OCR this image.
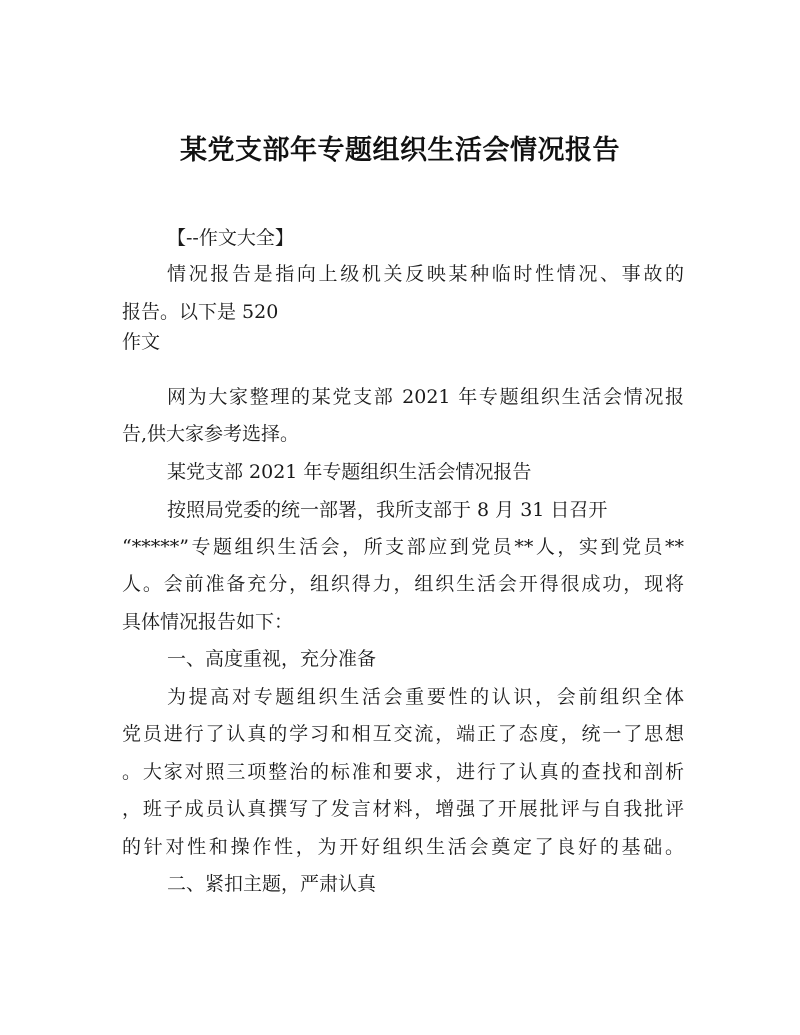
某党支部年专题组织生活会情况报告
【--作文大全】
情况报告是指向上级机关反映某种临时性情况、事故的
报告。以下是 520
作文
网为大家整理的某党支部 2021 年专题组织生活会情况报
告,供大家参考选择。
某党支部 2021 年专题组织生活会情况报告
按照局党委的统一部署，我所支部于 8 月 31 日召开
“*****”专题组织生活会，所支部应到党员**人，实到党员**
人。会前准备充分，组织得力，组织生活会开得很成功，现将
具体情况报告如下：
一、高度重视，充分准备
为提高对专题组织生活会重要性的认识，会前组织全体
党员进行了认真的学习和相互交流，端正了态度，统一了思想
。大家对照三项整治的标准和要求，进行了认真的查找和剖析
，班子成员认真撰写了发言材料，增强了开展批评与自我批评
的针对性和操作性，为开好组织生活会奠定了良好的基础。
二、紧扣主题，严肃认真
